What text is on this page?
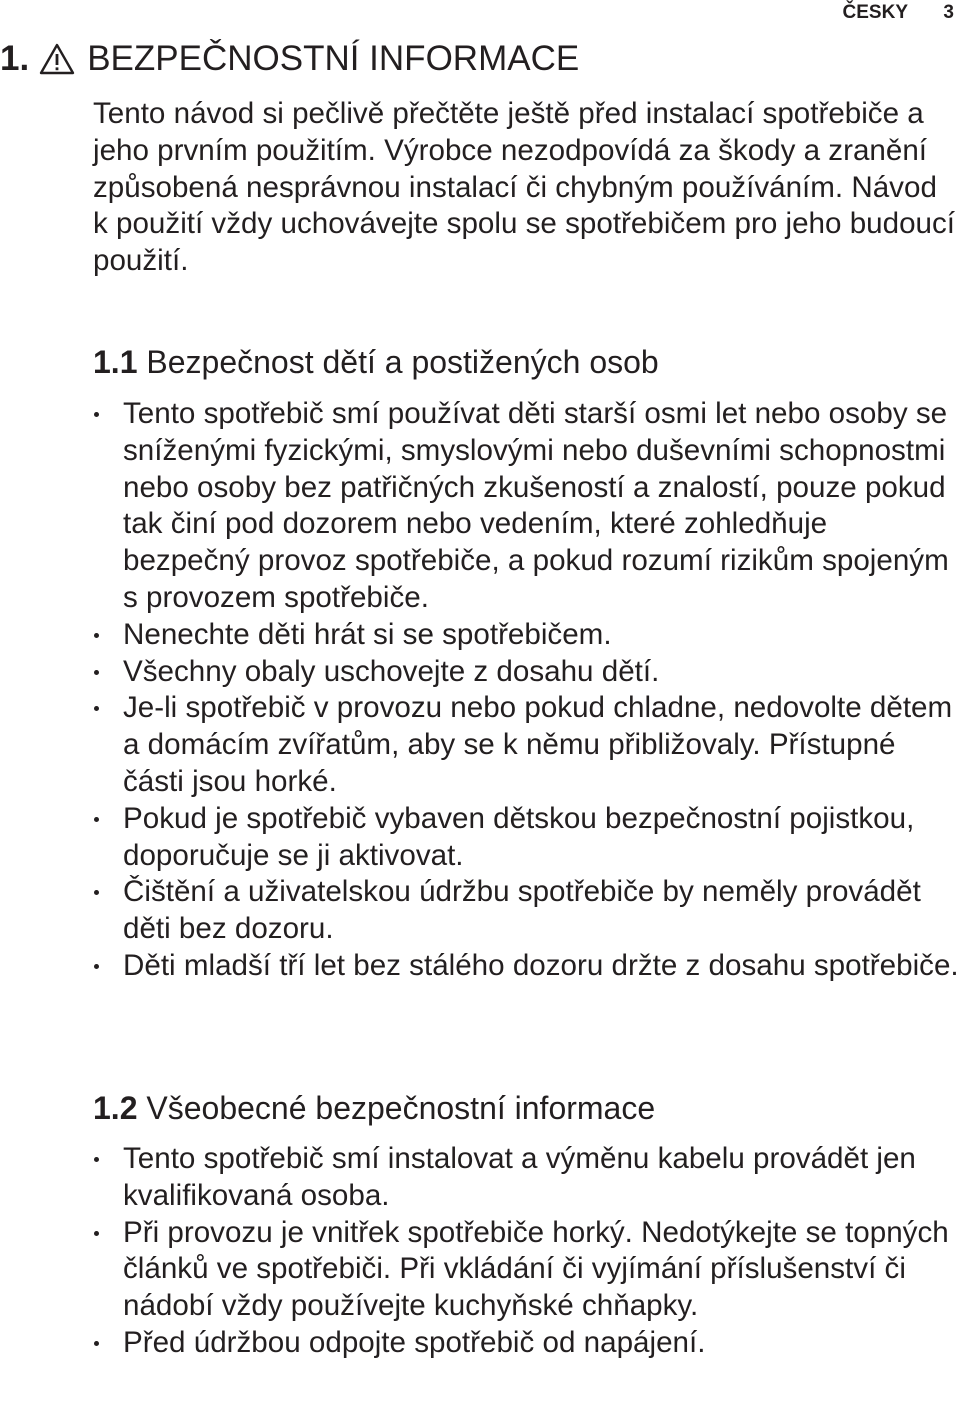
ČESKY 3
1. BEZPEČNOSTNÍ INFORMACE

Tento návod si pečlivě přečtěte ještě před instalací spotřebiče a jeho prvním použitím. Výrobce nezodpovídá za škody a zranění způsobená nesprávnou instalací či chybným používáním. Návod k použití vždy uchovávejte spolu se spotřebičem pro jeho budoucí použití.

1.1 Bezpečnost dětí a postižených osob
Tento spotřebič smí používat děti starší osmi let nebo osoby se sníženými fyzickými, smyslovými nebo duševními schopnostmi nebo osoby bez patřičných zkušeností a znalostí, pouze pokud tak činí pod dozorem nebo vedením, které zohledňuje bezpečný provoz spotřebiče, a pokud rozumí rizikům spojeným s provozem spotřebiče.
Nenechte děti hrát si se spotřebičem.
Všechny obaly uschovejte z dosahu dětí.
Je-li spotřebič v provozu nebo pokud chladne, nedovolte dětem a domácím zvířatům, aby se k němu přibližovaly. Přístupné části jsou horké.
Pokud je spotřebič vybaven dětskou bezpečnostní pojistkou, doporučuje se ji aktivovat.
Čištění a uživatelskou údržbu spotřebiče by neměly provádět děti bez dozoru.
Děti mladší tří let bez stálého dozoru držte z dosahu spotřebiče.
1.2 Všeobecné bezpečnostní informace
Tento spotřebič smí instalovat a výměnu kabelu provádět jen kvalifikovaná osoba.
Při provozu je vnitřek spotřebiče horký. Nedotýkejte se topných článků ve spotřebiči. Při vkládání či vyjímání příslušenství či nádobí vždy používejte kuchyňské chňapky.
Před údržbou odpojte spotřebič od napájení.
